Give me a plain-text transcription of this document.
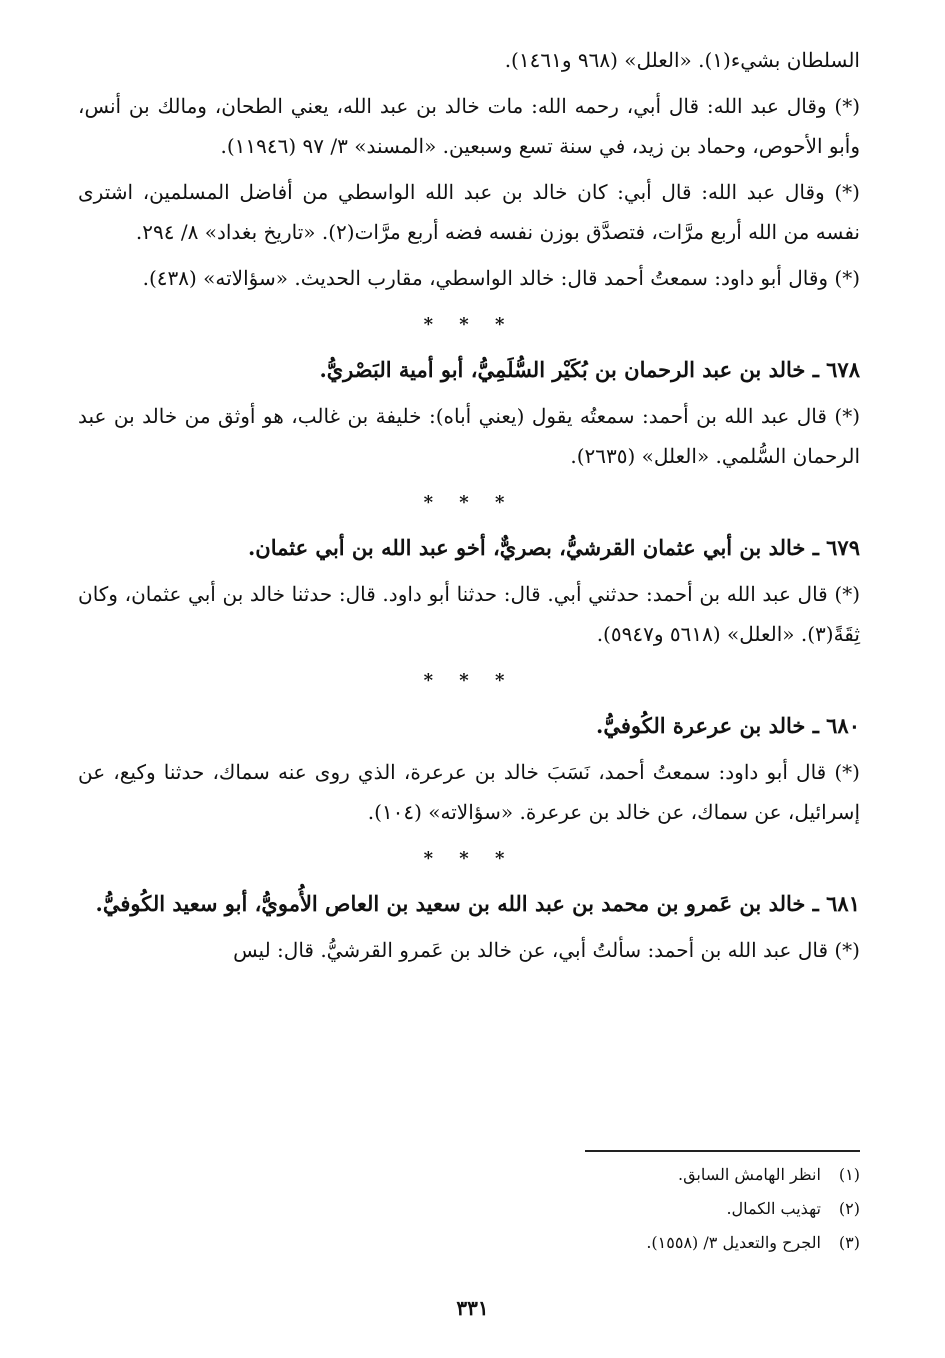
السلطان بشيء(١). «العلل» (٩٦٨ و١٤٦١).

(*) وقال عبد الله: قال أبي، رحمه الله: مات خالد بن عبد الله، يعني الطحان، ومالك بن أنس، وأبو الأحوص، وحماد بن زيد، في سنة تسع وسبعين. «المسند» ٣/ ٩٧ (١١٩٤٦).

(*) وقال عبد الله: قال أبي: كان خالد بن عبد الله الواسطي من أفاضل المسلمين، اشترى نفسه من الله أربع مرَّات، فتصدَّق بوزن نفسه فضه أربع مرَّات(٢). «تاريخ بغداد» ٨/ ٢٩٤.

(*) وقال أبو داود: سمعتُ أحمد قال: خالد الواسطي، مقارب الحديث. «سؤالاته» (٤٣٨).

* * *

٦٧٨ ـ خالد بن عبد الرحمان بن بُكَيْر السُّلَمِيُّ، أبو أمية البَصْريُّ.

(*) قال عبد الله بن أحمد: سمعتُه يقول (يعني أباه): خليفة بن غالب، هو أوثق من خالد بن عبد الرحمان السُّلمي. «العلل» (٢٦٣٥).

* * *

٦٧٩ ـ خالد بن أبي عثمان القرشيُّ، بصريٌّ، أخو عبد الله بن أبي عثمان.

(*) قال عبد الله بن أحمد: حدثني أبي. قال: حدثنا أبو داود. قال: حدثنا خالد بن أبي عثمان، وكان ثِقَةً(٣). «العلل» (٥٦١٨ و٥٩٤٧).

* * *

٦٨٠ ـ خالد بن عرعرة الكُوفيُّ.

(*) قال أبو داود: سمعتُ أحمد، نَسَبَ خالد بن عرعرة، الذي روى عنه سماك، حدثنا وكيع، عن إسرائيل، عن سماك، عن خالد بن عرعرة. «سؤالاته» (١٠٤).

* * *

٦٨١ ـ خالد بن عَمرو بن محمد بن عبد الله بن سعيد بن العاص الأُمويُّ، أبو سعيد الكُوفيُّ.

(*) قال عبد الله بن أحمد: سألتُ أبي، عن خالد بن عَمرو القرشيُّ. قال: ليس

(١) انظر الهامش السابق.
(٢) تهذيب الكمال.
(٣) الجرح والتعديل ٣/ (١٥٥٨).
٣٣١
